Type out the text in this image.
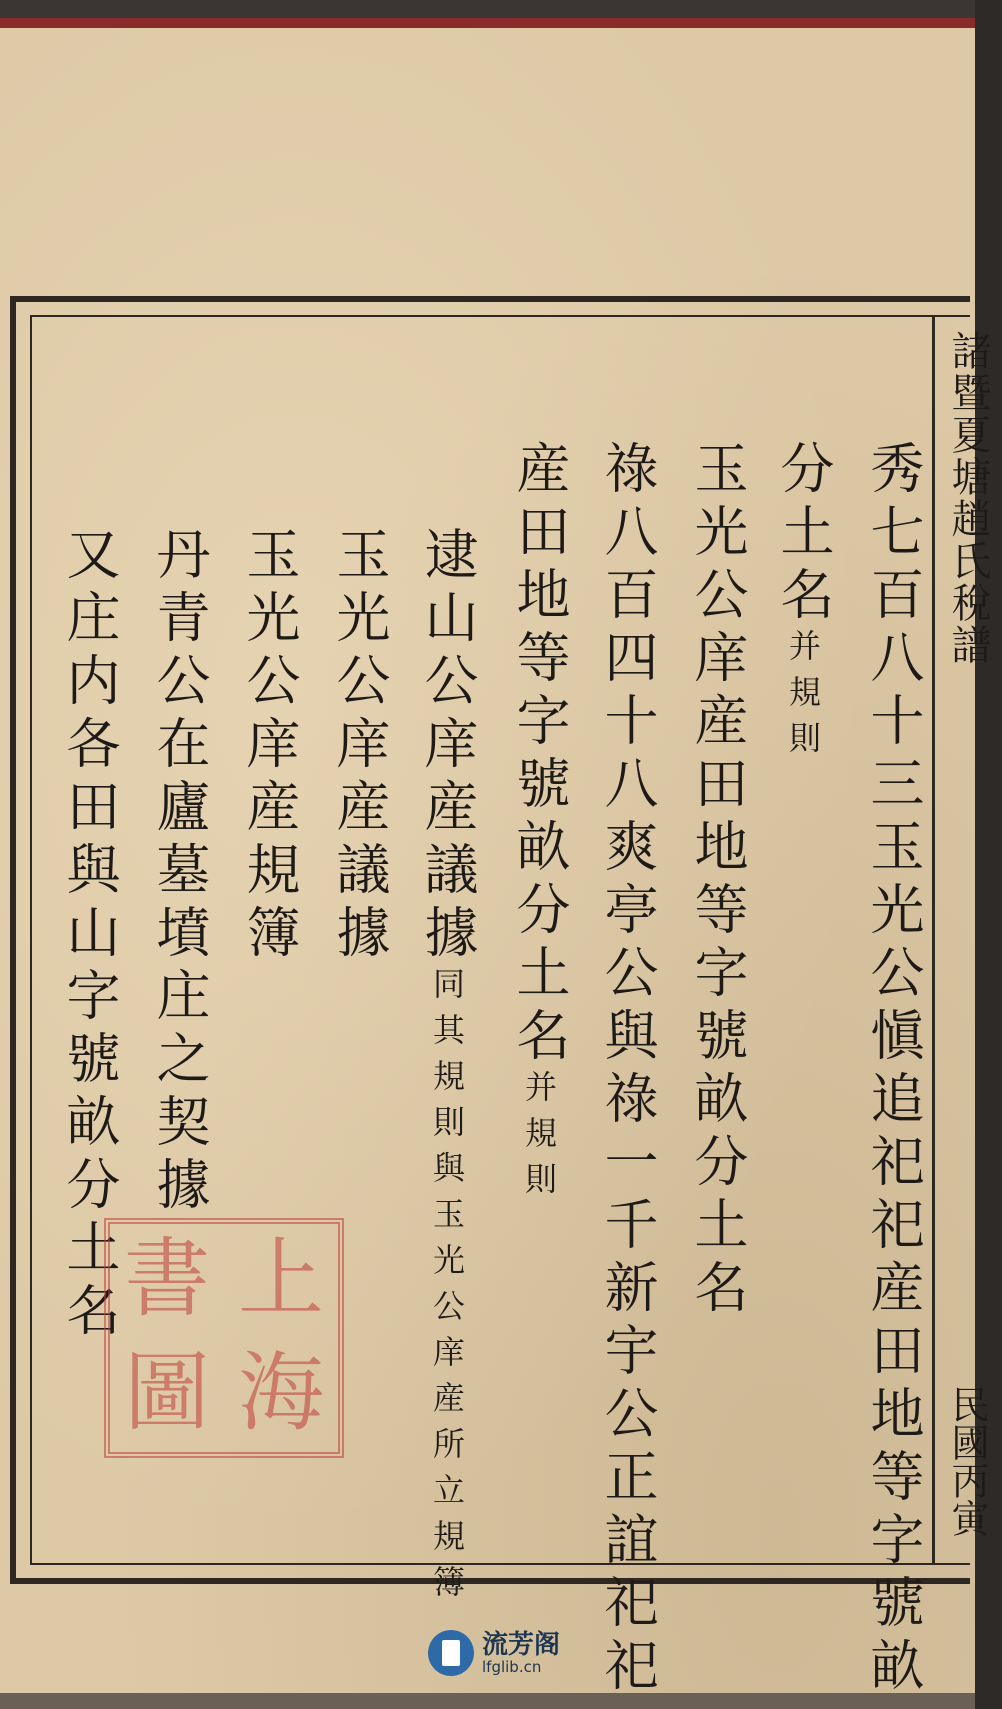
諸暨夏塘趙氏稅譜
民國丙寅
秀七百八十三玉光公愼追祀祀産田地等字號畝
分土名并規則
玉光公庠産田地等字號畝分土名
祿八百四十八爽亭公與祿一千新宇公正誼祀祀
産田地等字號畝分土名并規則
逮山公庠産議據同其規則與玉光公庠産所立規簿
玉光公庠産議據
玉光公庠産規簿
丹青公在廬墓墳庄之契據
又庄内各田與山字號畝分土名 書 上
圖 海
流芳阁
lfglib.cn
